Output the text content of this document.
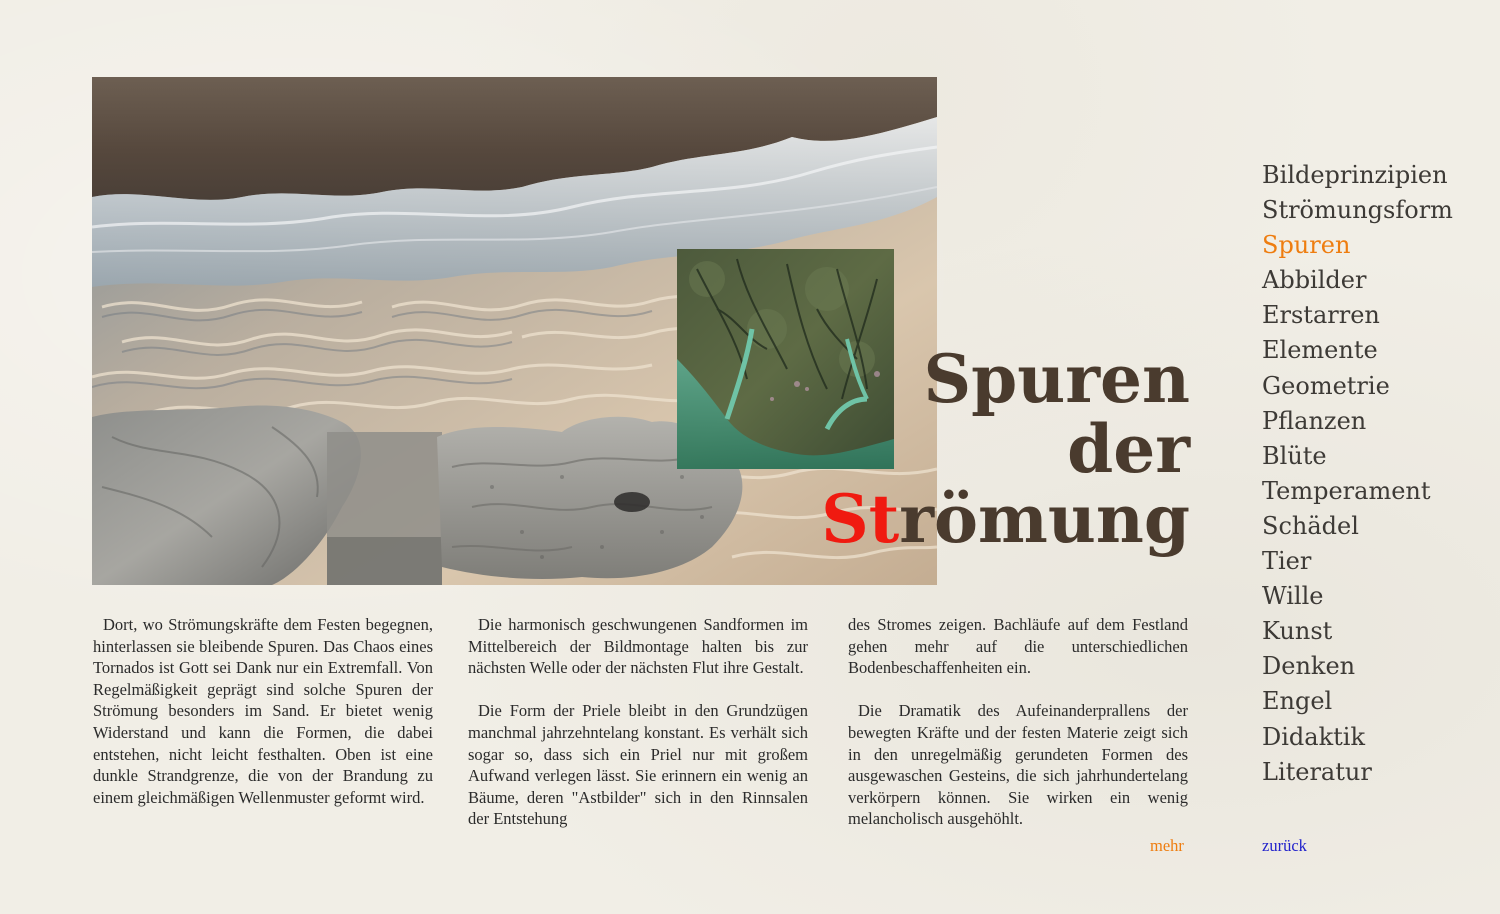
Spuren
der
Strömung

Dort, wo Strömungskräfte dem Festen begegnen, hinterlassen sie bleibende Spuren. Das Chaos eines Tornados ist Gott sei Dank nur ein Extremfall. Von Regelmäßigkeit geprägt sind solche Spuren der Strömung besonders im Sand. Er bietet wenig Widerstand und kann die Formen, die dabei entstehen, nicht leicht festhalten. Oben ist eine dunkle Strandgrenze, die von der Brandung zu einem gleichmäßigen Wellenmuster geformt wird.

Die harmonisch geschwungenen Sandformen im Mittelbereich der Bildmontage halten bis zur nächsten Welle oder der nächsten Flut ihre Gestalt.

Die Form der Priele bleibt in den Grundzügen manchmal jahrzehntelang konstant. Es verhält sich sogar so, dass sich ein Priel nur mit großem Aufwand verlegen lässt. Sie erinnern ein wenig an Bäume, deren "Astbilder" sich in den Rinnsalen der Entstehung

des Stromes zeigen. Bachläufe auf dem Festland gehen mehr auf die unterschiedlichen Bodenbeschaffenheiten ein.

Die Dramatik des Aufeinanderprallens der bewegten Kräfte und der festen Materie zeigt sich in den unregelmäßig gerundeten Formen des ausgewaschen Gesteins, die sich jahrhundertelang verkörpern können. Sie wirken ein wenig melancholisch ausgehöhlt.

mehr	zurück
Bildeprinzipien
Strömungsform
Spuren
Abbilder
Erstarren
Elemente
Geometrie
Pflanzen
Blüte
Temperament
Schädel
Tier
Wille
Kunst
Denken
Engel
Didaktik
Literatur
